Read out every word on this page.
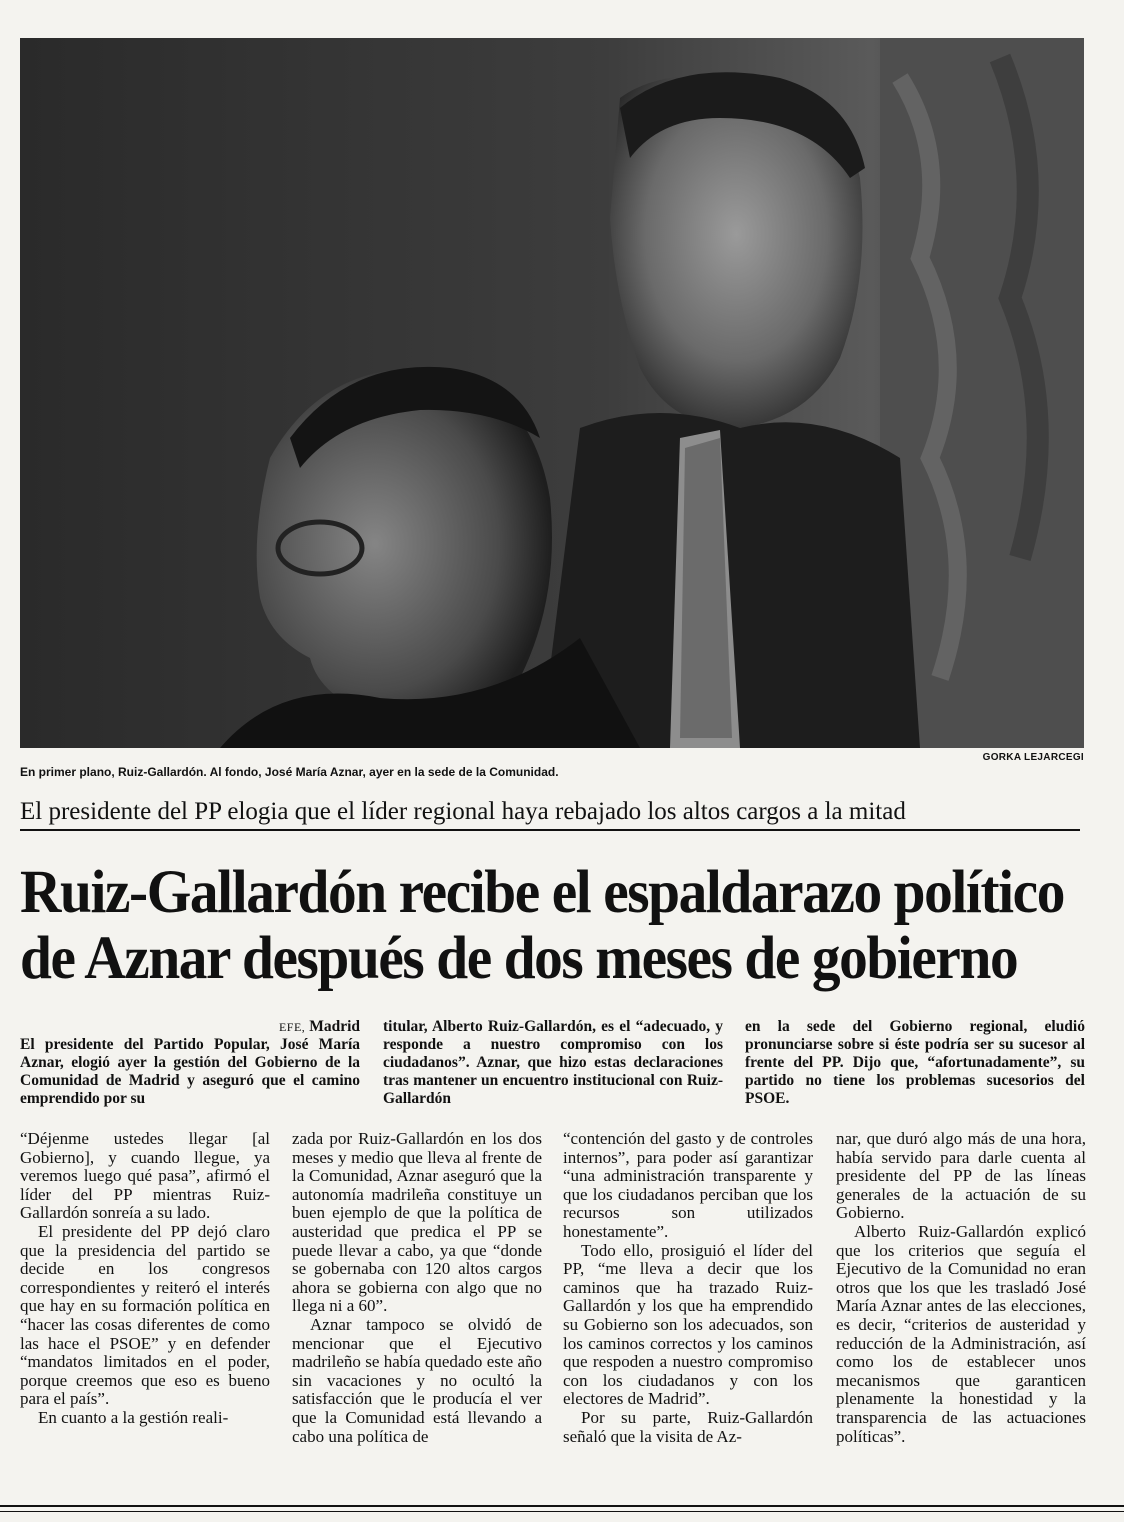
GORKA LEJARCEGI
En primer plano, Ruiz-Gallardón. Al fondo, José María Aznar, ayer en la sede de la Comunidad.
El presidente del PP elogia que el líder regional haya rebajado los altos cargos a la mitad
Ruiz-Gallardón recibe el espaldarazo político
de Aznar después de dos meses de gobierno
EFE, Madrid
El presidente del Partido Popular, José María Aznar, elogió ayer la gestión del Gobierno de la Comunidad de Madrid y aseguró que el camino emprendido por su
titular, Alberto Ruiz-Gallardón, es el “adecuado, y responde a nuestro compromiso con los ciudadanos”. Aznar, que hizo estas declaraciones tras mantener un encuentro institucional con Ruiz-Gallardón
en la sede del Gobierno regional, eludió pronunciarse sobre si éste podría ser su sucesor al frente del PP. Dijo que, “afortunadamente”, su partido no tiene los problemas sucesorios del PSOE.

“Déjenme ustedes llegar [al Gobierno], y cuando llegue, ya veremos luego qué pasa”, afirmó el líder del PP mientras Ruiz-Gallardón sonreía a su lado.

El presidente del PP dejó claro que la presidencia del partido se decide en los congresos correspondientes y reiteró el interés que hay en su formación política en “hacer las cosas diferentes de como las hace el PSOE” y en defender “mandatos limitados en el poder, porque creemos que eso es bueno para el país”.

En cuanto a la gestión reali-

zada por Ruiz-Gallardón en los dos meses y medio que lleva al frente de la Comunidad, Aznar aseguró que la autonomía madrileña constituye un buen ejemplo de que la política de austeridad que predica el PP se puede llevar a cabo, ya que “donde se gobernaba con 120 altos cargos ahora se gobierna con algo que no llega ni a 60”.

Aznar tampoco se olvidó de mencionar que el Ejecutivo madrileño se había quedado este año sin vacaciones y no ocultó la satisfacción que le producía el ver que la Comunidad está llevando a cabo una política de

“contención del gasto y de controles internos”, para poder así garantizar “una administración transparente y que los ciudadanos perciban que los recursos son utilizados honestamente”.

Todo ello, prosiguió el líder del PP, “me lleva a decir que los caminos que ha trazado Ruiz-Gallardón y los que ha emprendido su Gobierno son los adecuados, son los caminos correctos y los caminos que respoden a nuestro compromiso con los ciudadanos y con los electores de Madrid”.

Por su parte, Ruiz-Gallardón señaló que la visita de Az-

nar, que duró algo más de una hora, había servido para darle cuenta al presidente del PP de las líneas generales de la actuación de su Gobierno.

Alberto Ruiz-Gallardón explicó que los criterios que seguía el Ejecutivo de la Comunidad no eran otros que los que les trasladó José María Aznar antes de las elecciones, es decir, “criterios de austeridad y reducción de la Administración, así como los de establecer unos mecanismos que garanticen plenamente la honestidad y la transparencia de las actuaciones políticas”.
